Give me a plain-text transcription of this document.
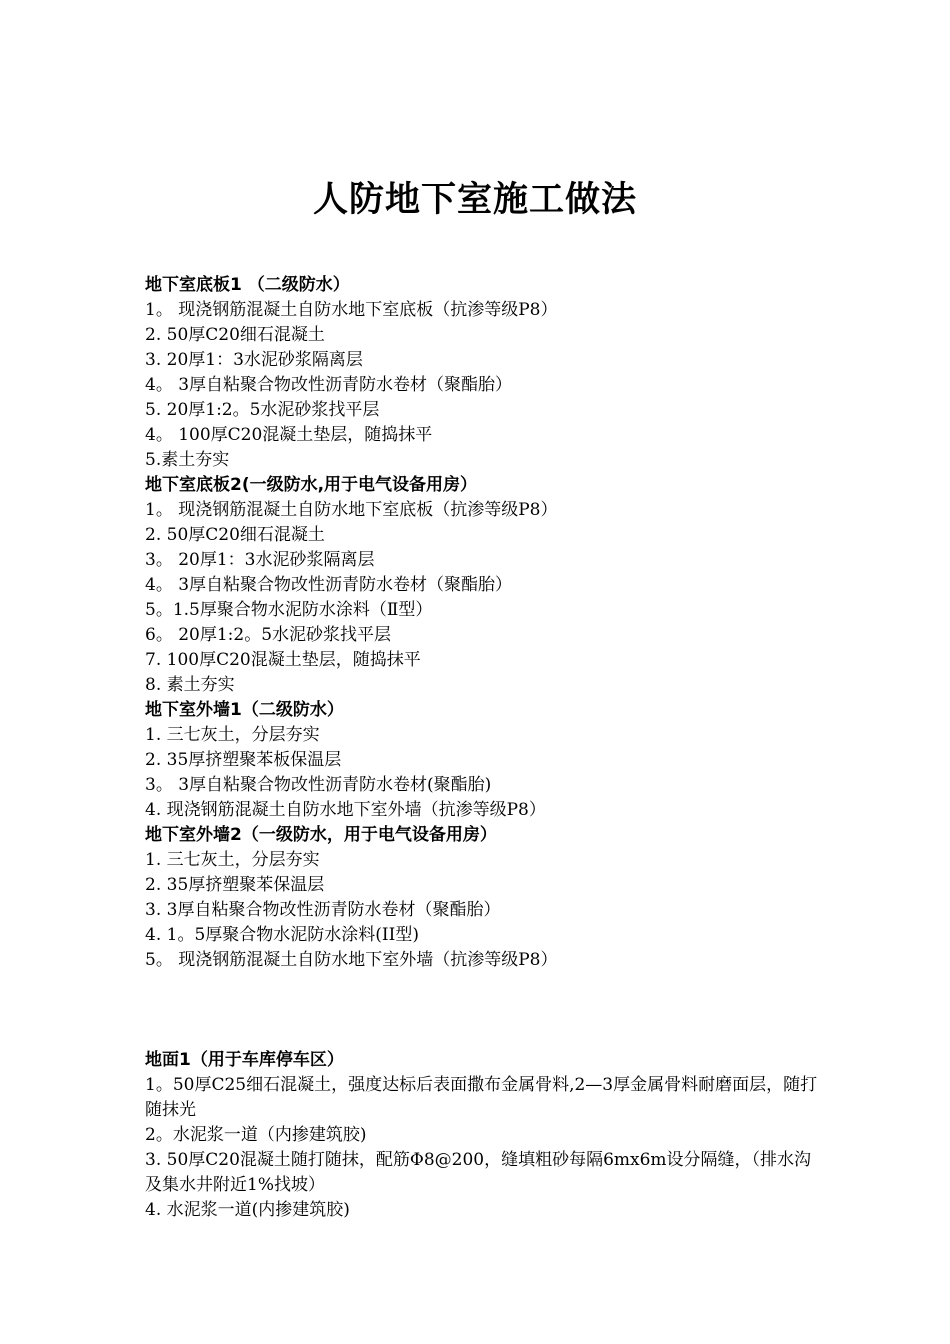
人防地下室施工做法
地下室底板1 （二级防水）
1。 现浇钢筋混凝土自防水地下室底板（抗渗等级P8）
2. 50厚C20细石混凝土
3. 20厚1：3水泥砂浆隔离层
4。 3厚自粘聚合物改性沥青防水卷材（聚酯胎）
5. 20厚1:2。5水泥砂浆找平层
4。 100厚C20混凝土垫层，随捣抹平
5.素土夯实
地下室底板2(一级防水,用于电气设备用房）
1。 现浇钢筋混凝土自防水地下室底板（抗渗等级P8）
2. 50厚C20细石混凝土
3。 20厚1：3水泥砂浆隔离层
4。 3厚自粘聚合物改性沥青防水卷材（聚酯胎）
5。1.5厚聚合物水泥防水涂料（Ⅱ型）
6。 20厚1:2。5水泥砂浆找平层
7. 100厚C20混凝土垫层，随捣抹平
8. 素土夯实
地下室外墙1（二级防水）
1. 三七灰土，分层夯实
2. 35厚挤塑聚苯板保温层
3。 3厚自粘聚合物改性沥青防水卷材(聚酯胎)
4. 现浇钢筋混凝土自防水地下室外墙（抗渗等级P8）
地下室外墙2（一级防水，用于电气设备用房）
1. 三七灰土，分层夯实
2. 35厚挤塑聚苯保温层
3. 3厚自粘聚合物改性沥青防水卷材（聚酯胎）
4. 1。5厚聚合物水泥防水涂料(II型)
5。 现浇钢筋混凝土自防水地下室外墙（抗渗等级P8）
地面1（用于车库停车区）
1。50厚C25细石混凝土，强度达标后表面撒布金属骨料,2—3厚金属骨料耐磨面层，随打随抹光
2。水泥浆一道（内掺建筑胶)
3. 50厚C20混凝土随打随抹，配筋Φ8@200，缝填粗砂每隔6mx6m设分隔缝，（排水沟及集水井附近1%找坡）
4. 水泥浆一道(内掺建筑胶)
